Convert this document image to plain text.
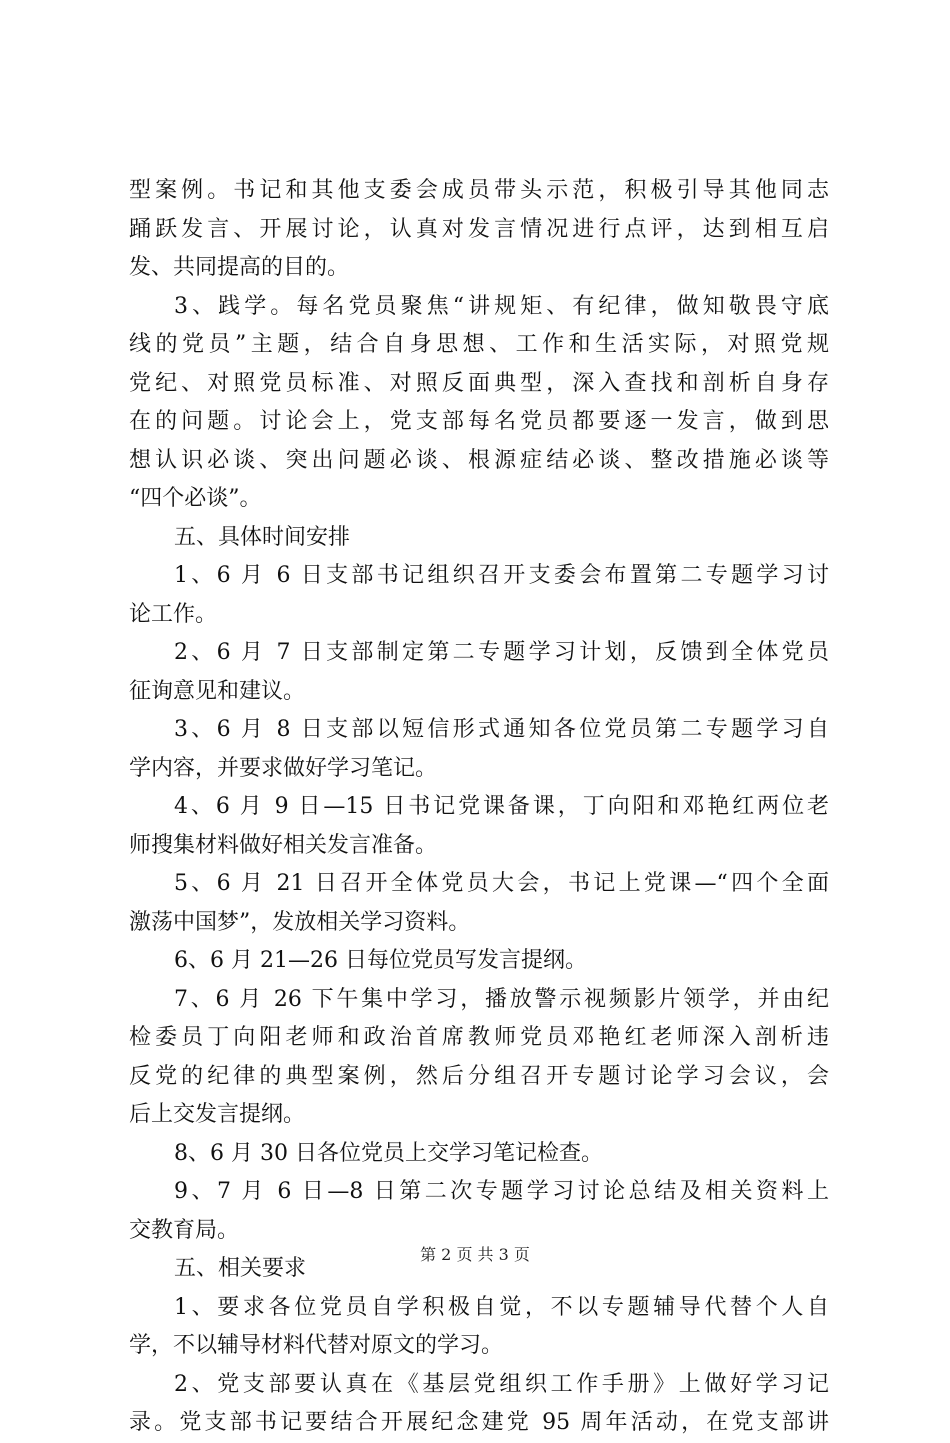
型案例。书记和其他支委会成员带头示范，积极引导其他同志
踊跃发言、开展讨论，认真对发言情况进行点评，达到相互启
发、共同提高的目的。
3、践学。每名党员聚焦“讲规矩、有纪律，做知敬畏守底
线的党员”主题，结合自身思想、工作和生活实际，对照党规
党纪、对照党员标准、对照反面典型，深入查找和剖析自身存
在的问题。讨论会上，党支部每名党员都要逐一发言，做到思
想认识必谈、突出问题必谈、根源症结必谈、整改措施必谈等
“四个必谈”。
五、具体时间安排
1、6 月 6 日支部书记组织召开支委会布置第二专题学习讨
论工作。
2、6 月 7 日支部制定第二专题学习计划，反馈到全体党员
征询意见和建议。
3、6 月 8 日支部以短信形式通知各位党员第二专题学习自
学内容，并要求做好学习笔记。
4、6 月 9 日—15 日书记党课备课，丁向阳和邓艳红两位老
师搜集材料做好相关发言准备。
5、6 月 21 日召开全体党员大会，书记上党课—“四个全面
激荡中国梦”，发放相关学习资料。
6、6 月 21—26 日每位党员写发言提纲。
7、6 月 26 下午集中学习，播放警示视频影片领学，并由纪
检委员丁向阳老师和政治首席教师党员邓艳红老师深入剖析违
反党的纪律的典型案例，然后分组召开专题讨论学习会议，会
后上交发言提纲。
8、6 月 30 日各位党员上交学习笔记检查。
9、7 月 6 日—8 日第二次专题学习讨论总结及相关资料上
交教育局。
五、相关要求
1、要求各位党员自学积极自觉，不以专题辅导代替个人自
学，不以辅导材料代替对原文的学习。
2、党支部要认真在《基层党组织工作手册》上做好学习记
录。党支部书记要结合开展纪念建党 95 周年活动，在党支部讲
第 2 页 共 3 页
